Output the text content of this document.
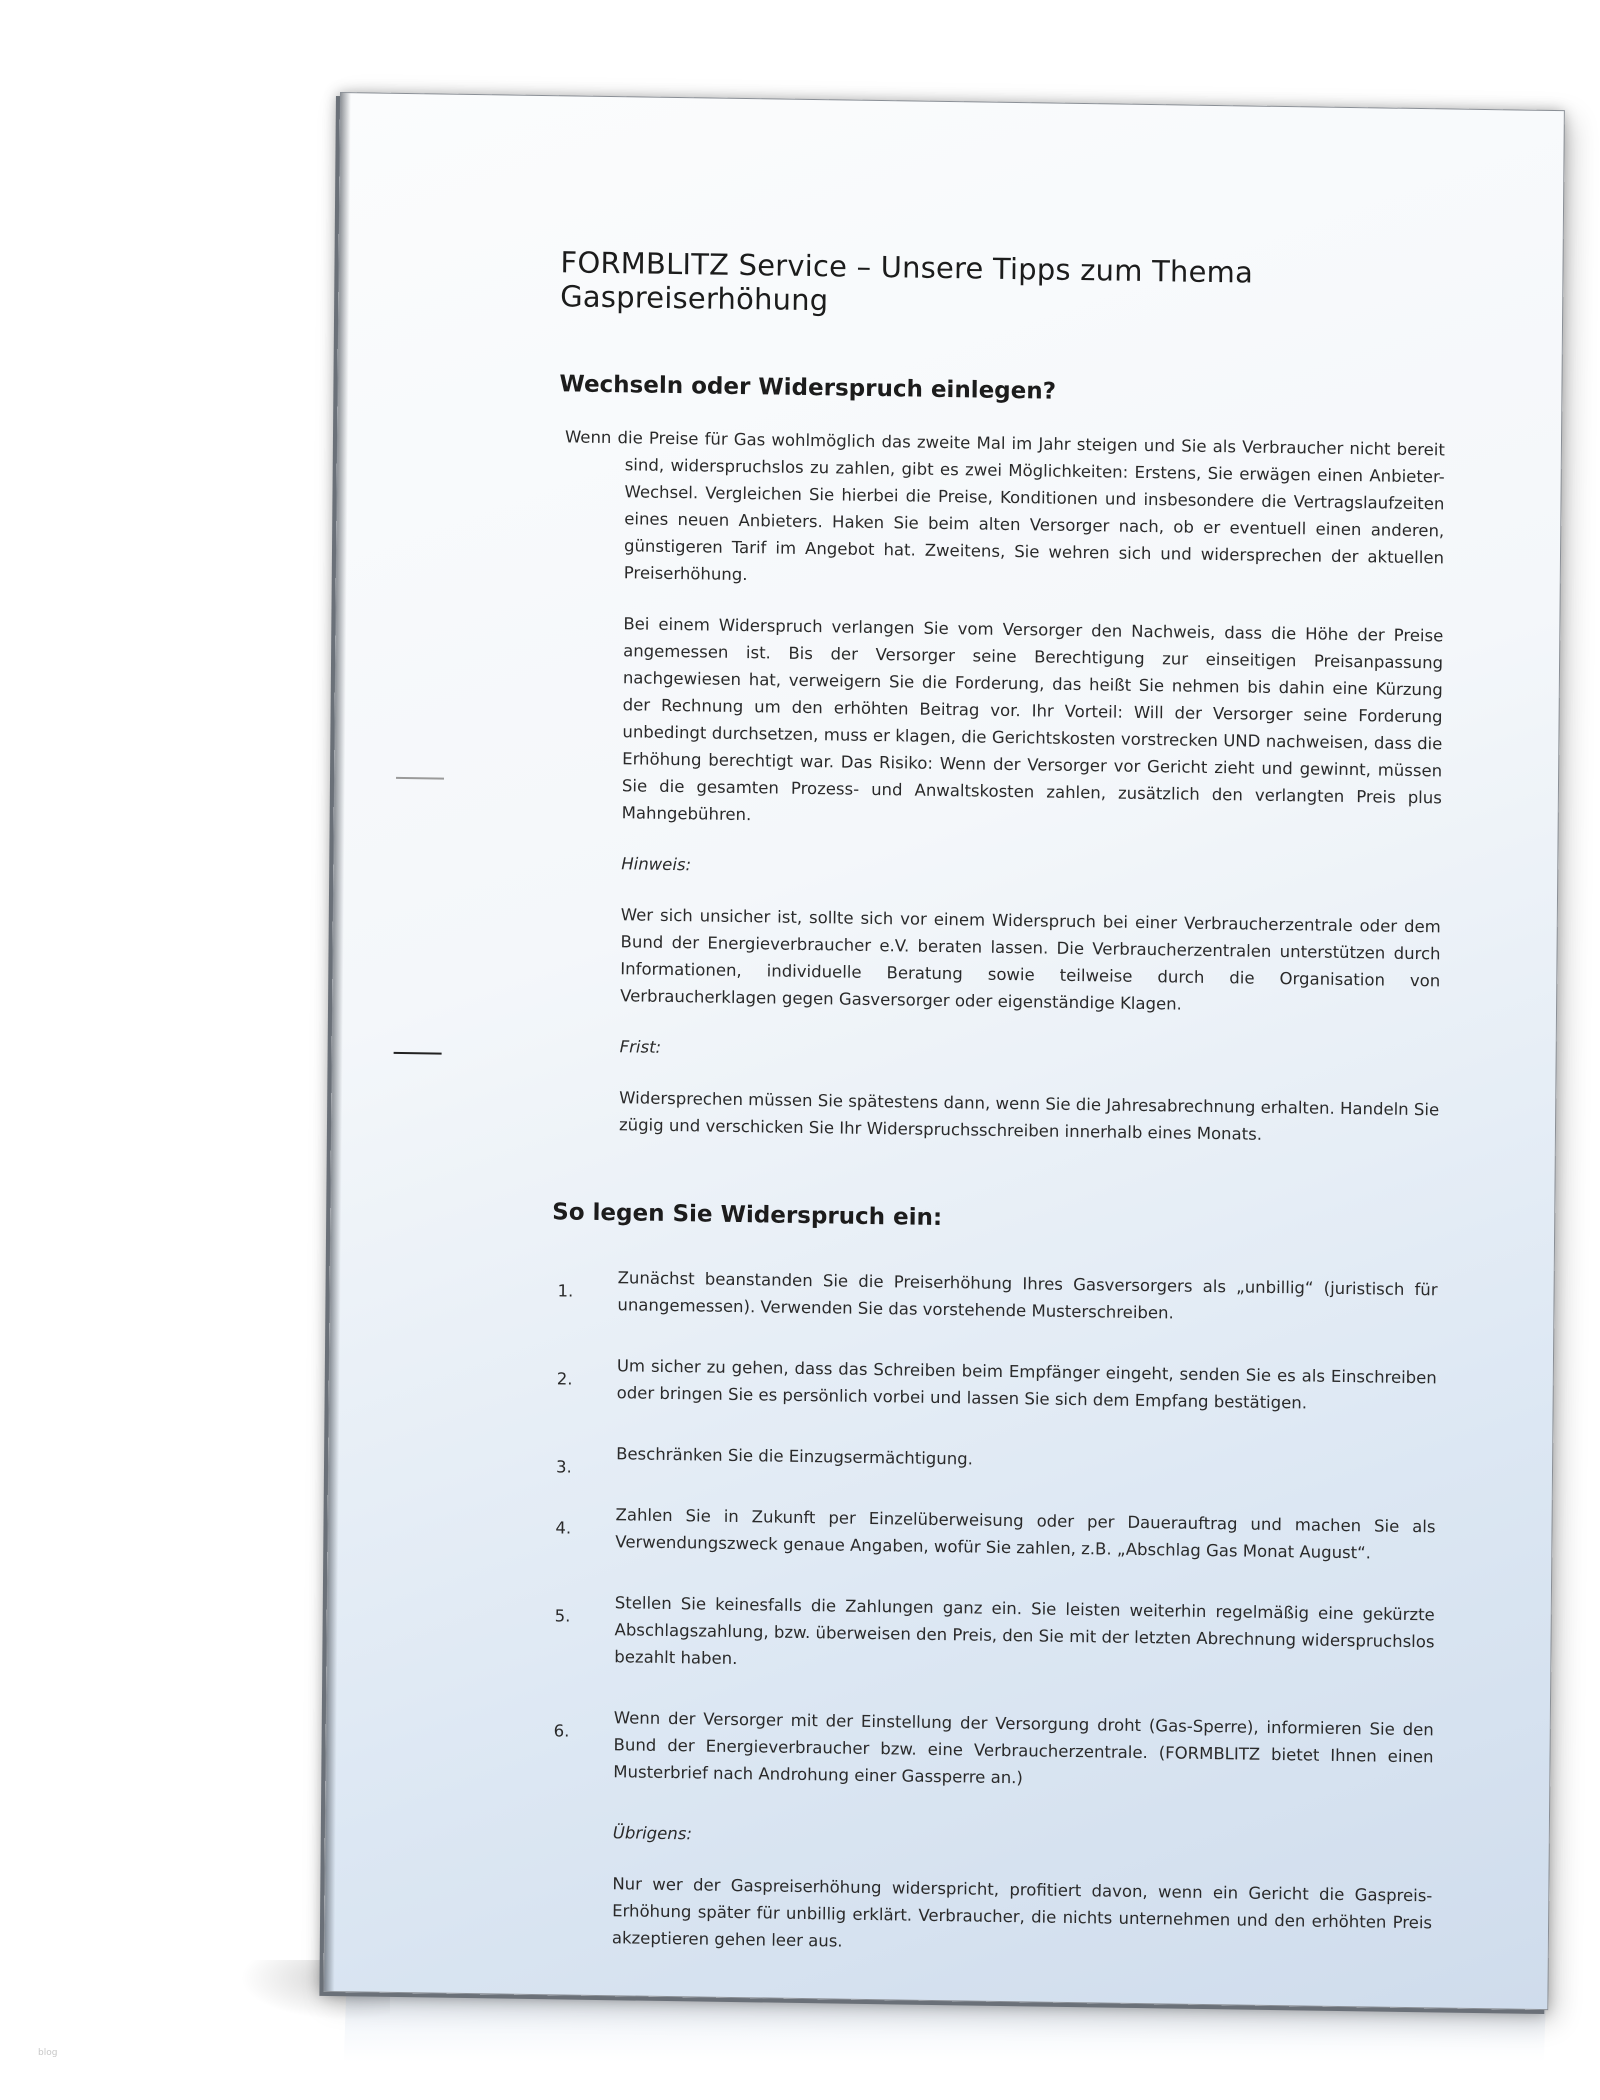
FORMBLITZ Service – Unsere Tipps zum Thema Gaspreiserhöhung
Wechseln oder Widerspruch einlegen?

Wenn die Preise für Gas wohlmöglich das zweite Mal im Jahr steigen und Sie als Verbraucher nicht bereit sind, widerspruchslos zu zahlen, gibt es zwei Möglichkeiten: Erstens, Sie erwägen einen Anbieter-Wechsel. Vergleichen Sie hierbei die Preise, Konditionen und insbesondere die Vertragslaufzeiten eines neuen Anbieters. Haken Sie beim alten Versorger nach, ob er eventuell einen anderen, günstigeren Tarif im Angebot hat. Zweitens, Sie wehren sich und widersprechen der aktuellen Preiserhöhung.

Bei einem Widerspruch verlangen Sie vom Versorger den Nachweis, dass die Höhe der Preise angemessen ist. Bis der Versorger seine Berechtigung zur einseitigen Preisanpassung nachgewiesen hat, verweigern Sie die Forderung, das heißt Sie nehmen bis dahin eine Kürzung der Rechnung um den erhöhten Beitrag vor. Ihr Vorteil: Will der Versorger seine Forderung unbedingt durchsetzen, muss er klagen, die Gerichtskosten vorstrecken UND nachweisen, dass die Erhöhung berechtigt war. Das Risiko: Wenn der Versorger vor Gericht zieht und gewinnt, müssen Sie die gesamten Prozess- und Anwaltskosten zahlen, zusätzlich den verlangten Preis plus Mahngebühren.

Hinweis:

Wer sich unsicher ist, sollte sich vor einem Widerspruch bei einer Verbraucherzentrale oder dem Bund der Energieverbraucher e.V. beraten lassen. Die Verbraucherzentralen unterstützen durch Informationen, individuelle Beratung sowie teilweise durch die Organisation von Verbraucherklagen gegen Gasversorger oder eigenständige Klagen.

Frist:

Widersprechen müssen Sie spätestens dann, wenn Sie die Jahresabrechnung erhalten. Handeln Sie zügig und verschicken Sie Ihr Widerspruchsschreiben innerhalb eines Monats.

So legen Sie Widerspruch ein:
1.	Zunächst beanstanden Sie die Preiserhöhung Ihres Gasversorgers als „unbillig“ (juristisch für unangemessen). Verwenden Sie das vorstehende Musterschreiben.
2.	Um sicher zu gehen, dass das Schreiben beim Empfänger eingeht, senden Sie es als Einschreiben oder bringen Sie es persönlich vorbei und lassen Sie sich dem Empfang bestätigen.
3.	Beschränken Sie die Einzugsermächtigung.
4.	Zahlen Sie in Zukunft per Einzelüberweisung oder per Dauerauftrag und machen Sie als Verwendungszweck genaue Angaben, wofür Sie zahlen, z.B. „Abschlag Gas Monat August“.
5.	Stellen Sie keinesfalls die Zahlungen ganz ein. Sie leisten weiterhin regelmäßig eine gekürzte Abschlagszahlung, bzw. überweisen den Preis, den Sie mit der letzten Abrechnung widerspruchslos bezahlt haben.
6.	Wenn der Versorger mit der Einstellung der Versorgung droht (Gas-Sperre), informieren Sie den Bund der Energieverbraucher bzw. eine Verbraucherzentrale. (FORMBLITZ bietet Ihnen einen Musterbrief nach Androhung einer Gassperre an.)

Übrigens:

Nur wer der Gaspreiserhöhung widerspricht, profitiert davon, wenn ein Gericht die Gaspreis-Erhöhung später für unbillig erklärt. Verbraucher, die nichts unternehmen und den erhöhten Preis akzeptieren gehen leer aus.

blog
